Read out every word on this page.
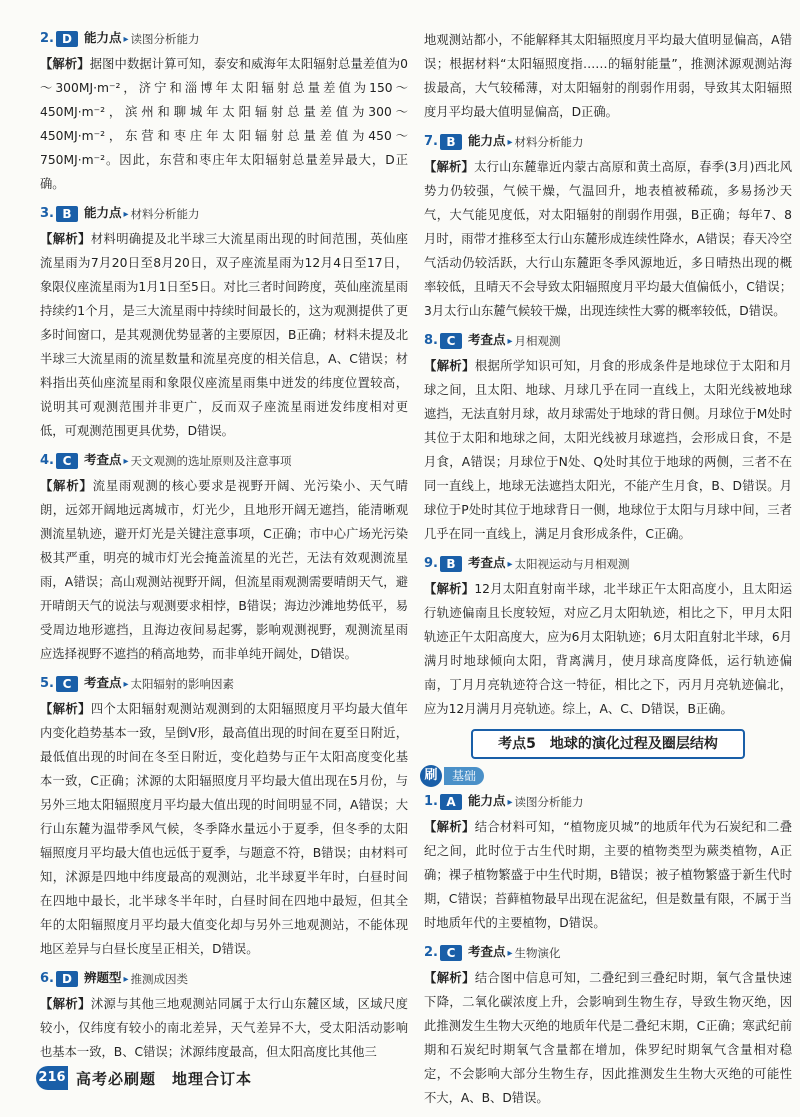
2. D 能力点 ▸ 读图分析能力
【解析】据图中数据计算可知，泰安和威海年太阳辐射总量差值为0～300MJ·m⁻²，济宁和淄博年太阳辐射总量差值为150～450MJ·m⁻²，滨州和聊城年太阳辐射总量差值为300～450MJ·m⁻²，东营和枣庄年太阳辐射总量差值为450～750MJ·m⁻²。因此，东营和枣庄年太阳辐射总量差异最大，D正确。
3. B 能力点 ▸ 材料分析能力
【解析】材料明确提及北半球三大流星雨出现的时间范围，英仙座流星雨为7月20日至8月20日，双子座流星雨为12月4日至17日，象限仪座流星雨为1月1日至5日。对比三者时间跨度，英仙座流星雨持续约1个月，是三大流星雨中持续时间最长的，这为观测提供了更多时间窗口，是其观测优势显著的主要原因，B正确；材料未提及北半球三大流星雨的流星数量和流星亮度的相关信息，A、C错误；材料指出英仙座流星雨和象限仪座流星雨集中迸发的纬度位置较高，说明其可观测范围并非更广，反而双子座流星雨迸发纬度相对更低，可观测范围更具优势，D错误。
4. C	考查点 ▸ 天文观测的选址原则及注意事项
【解析】流星雨观测的核心要求是视野开阔、光污染小、天气晴朗，远郊开阔地远离城市，灯光少，且地形开阔无遮挡，能清晰观测流星轨迹，避开灯光是关键注意事项，C正确；市中心广场光污染极其严重，明亮的城市灯光会掩盖流星的光芒，无法有效观测流星雨，A错误；高山观测站视野开阔，但流星雨观测需要晴朗天气，避开晴朗天气的说法与观测要求相悖，B错误；海边沙滩地势低平，易受周边地形遮挡，且海边夜间易起雾，影响观测视野，观测流星雨应选择视野不遮挡的稍高地势，而非单纯开阔处，D错误。
5. C	考查点 ▸ 太阳辐射的影响因素
【解析】四个太阳辐射观测站观测到的太阳辐照度月平均最大值年内变化趋势基本一致，呈倒V形，最高值出现的时间在夏至日附近，最低值出现的时间在冬至日附近，变化趋势与正午太阳高度变化基本一致，C正确；沭源的太阳辐照度月平均最大值出现在5月份，与另外三地太阳辐照度月平均最大值出现的时间明显不同，A错误；大行山东麓为温带季风气候，冬季降水量远小于夏季，但冬季的太阳辐照度月平均最大值也远低于夏季，与题意不符，B错误；由材料可知，沭源是四地中纬度最高的观测站，北半球夏半年时，白昼时间在四地中最长，北半球冬半年时，白昼时间在四地中最短，但其全年的太阳辐照度月平均最大值变化却与另外三地观测站，不能体现地区差异与白昼长度呈正相关，D错误。
6. D 辨题型 ▸ 推测成因类
【解析】沭源与其他三地观测站同属于太行山东麓区域，区域尺度较小，仅纬度有较小的南北差异，天气差异不大，受太阳活动影响也基本一致，B、C错误；沭源纬度最高，但太阳高度比其他三
地观测站都小，不能解释其太阳辐照度月平均最大值明显偏高，A错误；根据材料“太阳辐照度指……的辐射能量”，推测沭源观测站海拔最高，大气较稀薄，对太阳辐射的削弱作用弱，导致其太阳辐照度月平均最大值明显偏高，D正确。
7. B 能力点 ▸ 材料分析能力
【解析】太行山东麓靠近内蒙古高原和黄土高原，春季(3月)西北风势力仍较强，气候干燥，气温回升，地表植被稀疏，多易扬沙天气，大气能见度低，对太阳辐射的削弱作用强，B正确；每年7、8月时，雨带才推移至太行山东麓形成连续性降水，A错误；春天冷空气活动仍较活跃，大行山东麓距冬季风源地近，多日晴热出现的概率较低，且晴天不会导致太阳辐照度月平均最大值偏低小，C错误；3月太行山东麓气候较干燥，出现连续性大雾的概率较低，D错误。
8. C	考查点 ▸ 月相观测
【解析】根据所学知识可知，月食的形成条件是地球位于太阳和月球之间，且太阳、地球、月球几乎在同一直线上，太阳光线被地球遮挡，无法直射月球，故月球需处于地球的背日侧。月球位于M处时其位于太阳和地球之间，太阳光线被月球遮挡，会形成日食，不是月食，A错误；月球位于N处、Q处时其位于地球的两侧，三者不在同一直线上，地球无法遮挡太阳光，不能产生月食，B、D错误。月球位于P处时其位于地球背日一侧，地球位于太阳与月球中间，三者几乎在同一直线上，满足月食形成条件，C正确。
9. B 考查点 ▸ 太阳视运动与月相观测
【解析】12月太阳直射南半球，北半球正午太阳高度小，且太阳运行轨迹偏南且长度较短，对应乙月太阳轨迹，相比之下，甲月太阳轨迹正午太阳高度大，应为6月太阳轨迹；6月太阳直射北半球，6月满月时地球倾向太阳，背离满月，使月球高度降低，运行轨迹偏南，丁月月亮轨迹符合这一特征，相比之下，丙月月亮轨迹偏北，应为12月满月月亮轨迹。综上，A、C、D错误，B正确。
考点5　地球的演化过程及圈层结构
刷	基础
1. A 能力点 ▸ 读图分析能力
【解析】结合材料可知，“植物庞贝城”的地质年代为石炭纪和二叠纪之间，此时位于古生代时期，主要的植物类型为蕨类植物，A正确；裸子植物繁盛于中生代时期，B错误；被子植物繁盛于新生代时期，C错误；苔藓植物最早出现在泥盆纪，但是数量有限，不属于当时地质年代的主要植物，D错误。
2. C	考查点 ▸ 生物演化
【解析】结合图中信息可知，二叠纪到三叠纪时期，氧气含量快速下降，二氧化碳浓度上升，会影响到生物生存，导致生物灭绝，因此推测发生生物大灭绝的地质年代是二叠纪末期，C正确；寒武纪前期和石炭纪时期氧气含量都在增加，侏罗纪时期氧气含量相对稳定，不会影响大部分生物生存，因此推测发生生物大灭绝的可能性不大，A、B、D错误。
216 高考必刷题　地理合订本
